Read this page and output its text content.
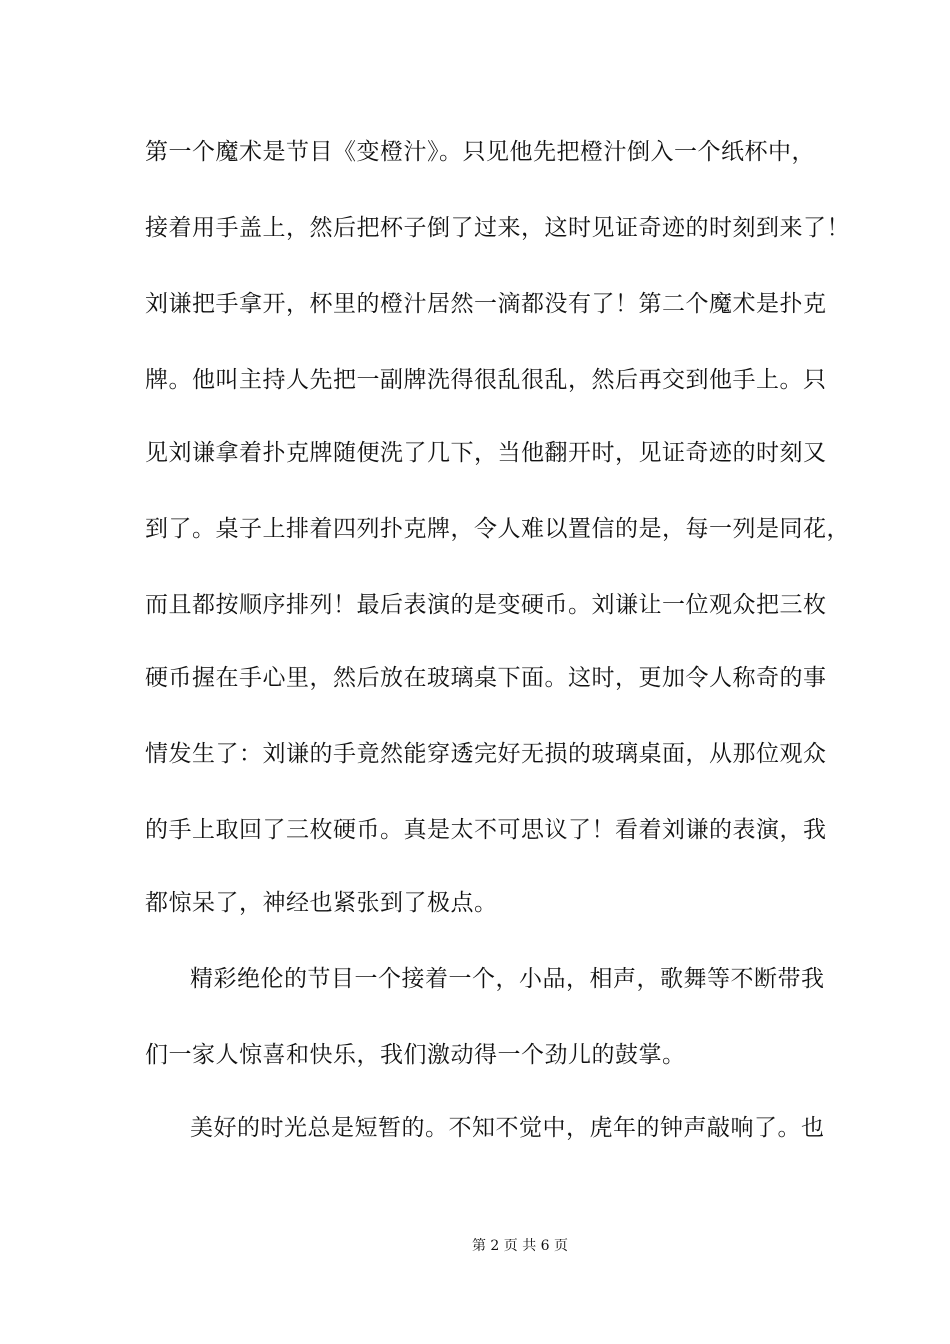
第一个魔术是节目《变橙汁》。只见他先把橙汁倒入一个纸杯中，
接着用手盖上，然后把杯子倒了过来，这时见证奇迹的时刻到来了！
刘谦把手拿开，杯里的橙汁居然一滴都没有了！第二个魔术是扑克
牌。他叫主持人先把一副牌洗得很乱很乱，然后再交到他手上。只
见刘谦拿着扑克牌随便洗了几下，当他翻开时，见证奇迹的时刻又
到了。桌子上排着四列扑克牌，令人难以置信的是，每一列是同花，
而且都按顺序排列！最后表演的是变硬币。刘谦让一位观众把三枚
硬币握在手心里，然后放在玻璃桌下面。这时，更加令人称奇的事
情发生了：刘谦的手竟然能穿透完好无损的玻璃桌面，从那位观众
的手上取回了三枚硬币。真是太不可思议了！看着刘谦的表演，我
都惊呆了，神经也紧张到了极点。
精彩绝伦的节目一个接着一个，小品，相声，歌舞等不断带我
们一家人惊喜和快乐，我们激动得一个劲儿的鼓掌。
美好的时光总是短暂的。不知不觉中，虎年的钟声敲响了。也
第 2 页 共 6 页
